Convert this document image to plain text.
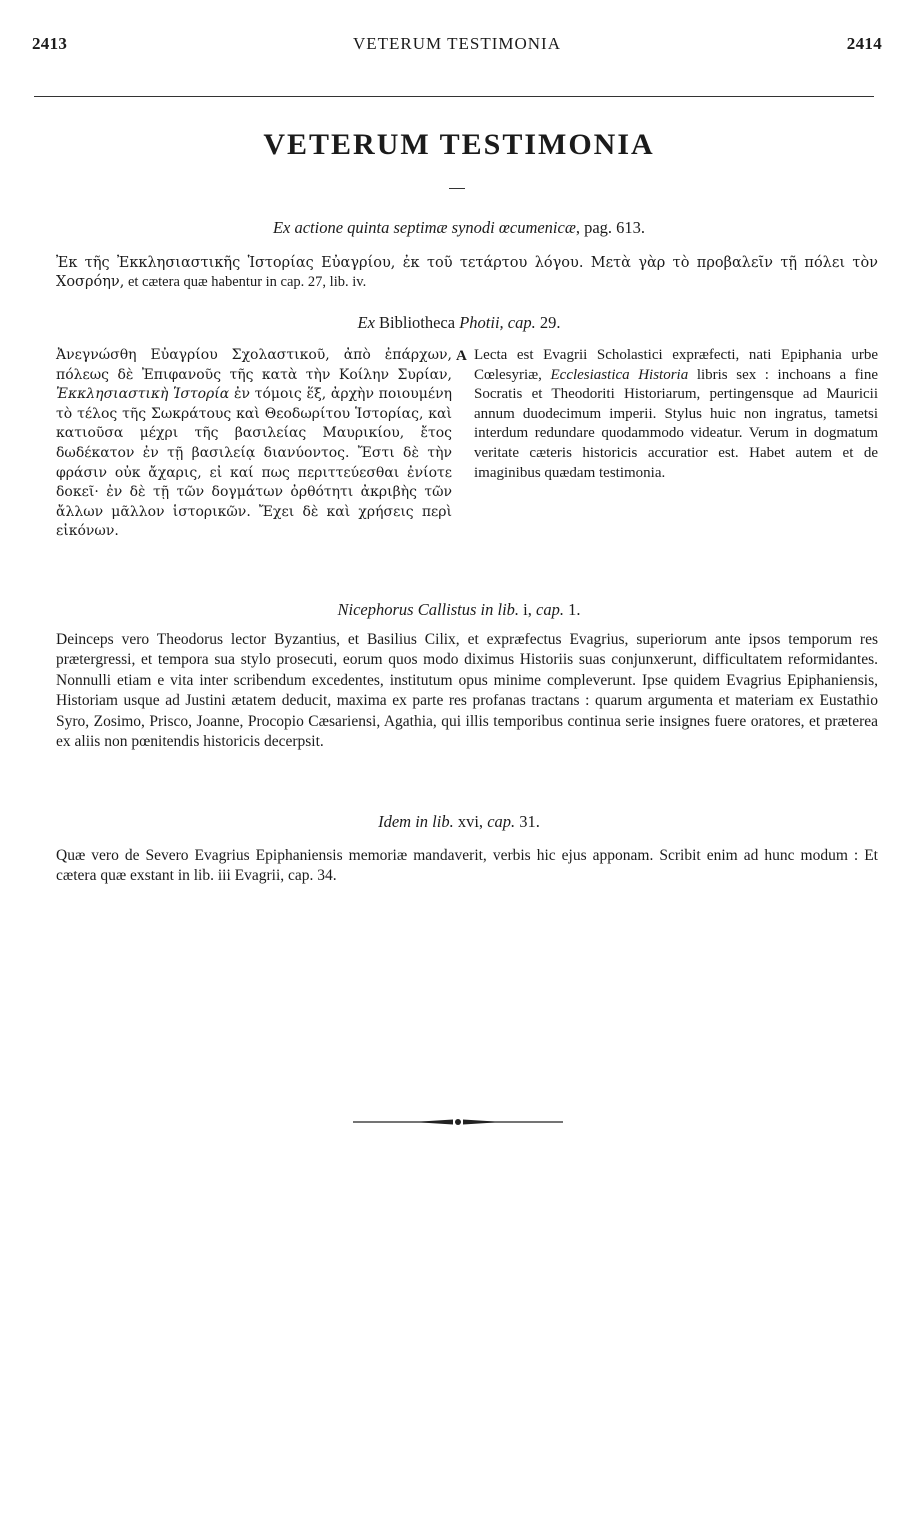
2413	VETERUM TESTIMONIA	2414
VETERUM TESTIMONIA
Ex actione quinta septimæ synodi œcumenicæ, pag. 613.
Ἐκ τῆς Ἐκκλησιαστικῆς Ἱστορίας Εὐαγρίου, ἐκ τοῦ τετάρτου λόγου. Μετὰ γὰρ τὸ προβαλεῖν τῇ πόλει τὸν Χοσρόην, et cætera quæ habentur in cap. 27, lib. iv.
Ex Bibliotheca Photii, cap. 29.
Ἀνεγνώσθη Εὐαγρίου Σχολαστικοῦ, ἀπὸ ἐπάρχων, πόλεως δὲ Ἐπιφανοῦς τῆς κατὰ τὴν Κοίλην Συρίαν, Ἐκκλησιαστικὴ Ἱστορία ἐν τόμοις ἕξ, ἀρχὴν ποιουμένη τὸ τέλος τῆς Σωκράτους καὶ Θεοδωρίτου Ἱστορίας, καὶ κατιοῦσα μέχρι τῆς βασιλείας Μαυρικίου, ἔτος δωδέκατον ἐν τῇ βασιλείᾳ διανύοντος. Ἔστι δὲ τὴν φράσιν οὐκ ἄχαρις, εἰ καί πως περιττεύεσθαι ἐνίοτε δοκεῖ· ἐν δὲ τῇ τῶν δογμάτων ὀρθότητι ἀκριβὴς τῶν ἄλλων μᾶλλον ἱστορικῶν. Ἔχει δὲ καὶ χρήσεις περὶ εἰκόνων.
A Lecta est Evagrii Scholastici expræfecti, nati Epiphania urbe Cœlesyriæ, Ecclesiastica Historia libris sex : inchoans a fine Socratis et Theodoriti Historiarum, pertingensque ad Mauricii annum duodecimum imperii. Stylus huic non ingratus, tametsi interdum redundare quodammodo videatur. Verum in dogmatum veritate cæteris historicis accuratior est. Habet autem et de imaginibus quædam testimonia.
Nicephorus Callistus in lib. i, cap. 1.
Deinceps vero Theodorus lector Byzantius, et Basilius Cilix, et expræfectus Evagrius, superiorum ante ipsos temporum res prætergressi, et tempora sua stylo prosecuti, eorum quos modo diximus Historiis suas conjunxerunt, difficultatem reformidantes. Nonnulli etiam e vita inter scribendum excedentes, institutum opus minime compleverunt. Ipse quidem Evagrius Epiphaniensis, Historiam usque ad Justini ætatem deducit, maxima ex parte res profanas tractans : quarum argumenta et materiam ex Eustathio Syro, Zosimo, Prisco, Joanne, Procopio Cæsariensi, Agathia, qui illis temporibus continua serie insignes fuere oratores, et præterea ex aliis non pœnitendis historicis decerpsit.
Idem in lib. xvi, cap. 31.
Quæ vero de Severo Evagrius Epiphaniensis memoriæ mandaverit, verbis hic ejus apponam. Scribit enim ad hunc modum : Et cætera quæ exstant in lib. iii Evagrii, cap. 34.
